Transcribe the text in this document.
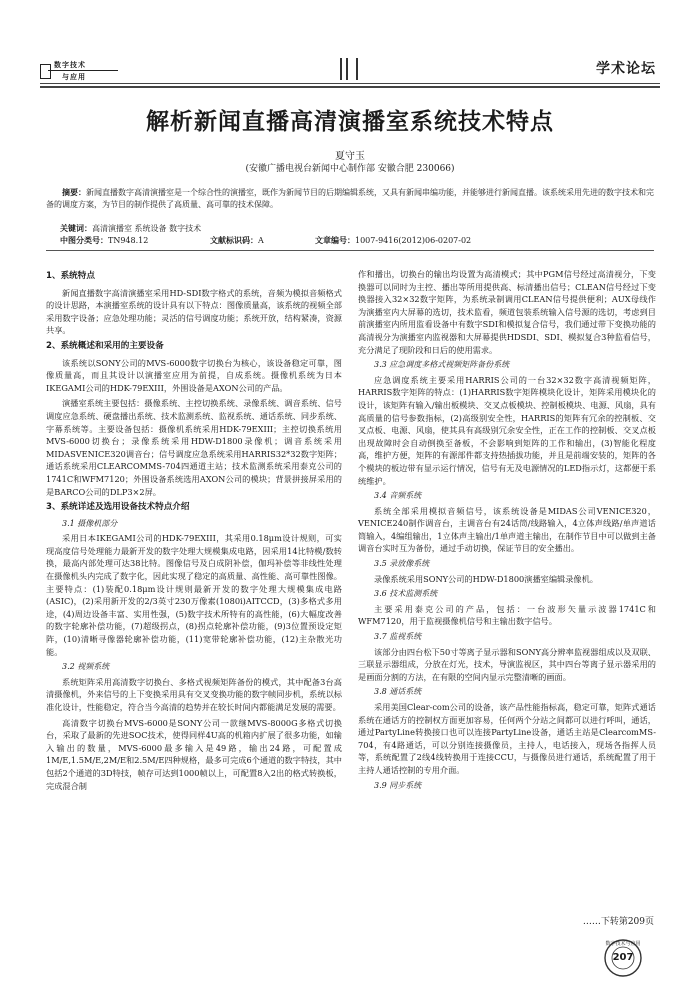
数字技术
与应用	学术论坛
解析新闻直播高清演播室系统技术特点
夏守玉
(安徽广播电视台新闻中心制作部 安徽合肥 230066)

摘要：新闻直播数字高清演播室是一个综合性的演播室，既作为新闻节目的后期编辑系统，又具有新闻串编功能，并能够进行新闻直播。该系统采用先进的数字技术和完备的调度方案，为节目的制作提供了高质量、高可靠的技术保障。

关键词：高清演播室 系统设备 数字技术
中图分类号：TN948.12	文献标识码：A	文章编号：1007-9416(2012)06-0207-02
1、系统特点

新闻直播数字高清演播室采用HD-SDI数字格式的系统，音频为模拟音频格式的设计思路，本演播室系统的设计具有以下特点：图像质量高，该系统的视频全部采用数字设备；应急处理功能；灵活的信号调度功能；系统开放，结构紧凑，资源共享。

2、系统概述和采用的主要设备

该系统以SONY公司的MVS-6000数字切换台为核心，该设备稳定可靠，图像质量高，而且其设计以演播室应用为前提，自成系统。摄像机系统为日本IKEGAMI公司的HDK-79EXIII，外围设备是AXON公司的产品。

演播室系统主要包括：摄像系统、主控切换系统、录像系统、调音系统、信号调度应急系统、硬盘播出系统、技术监测系统、监视系统、通话系统、同步系统、字幕系统等。主要设备包括：摄像机系统采用HDK-79EXIII；主控切换系统用MVS-6000切换台；录像系统采用HDW-D1800录像机；调音系统采用MIDASVENICE320调音台；信号调度应急系统采用HARRIS32*32数字矩阵；通话系统采用CLEARCOMMS-704四通道主站；技术监测系统采用泰克公司的1741C和WFM7120；外围设备系统选用AXON公司的模块；背景拼接屏采用的是BARCO公司的DLP3×2屏。

3、系统详述及选用设备技术特点介绍
3.1 摄像机部分

采用日本IKEGAMI公司的HDK-79EXIII，其采用0.18μm设计规则，可实现高度信号处理能力最新开发的数字处理大规模集成电路，因采用14比特模/数转换，最高内部处理可达38比特。图像信号及白成阴补偿，伽玛补偿等非线性处理在摄像机头内完成了数字化，因此实现了稳定的高质量、高性能、高可靠性图像。主要特点：(1)装配0.18μm设计规则最新开发的数字处理大规模集成电路(ASIC)，(2)采用新开发的2/3英寸230万像素(1080i)AITCCD，(3)多格式多用途，(4)周边设备丰富、实用性强，(5)数字技术所特有的高性能，(6)大幅度改善的数字轮廓补偿功能，(7)超级拐点，(8)拐点轮廓补偿功能，(9)3位置预设定矩阵，(10)清晰寻像器轮廓补偿功能，(11)宽带轮廓补偿功能，(12)主杂散光功能。

3.2 视频系统

系统矩阵采用高清数字切换台、多格式视频矩阵备份的模式，其中配备3台高清摄像机，外来信号的上下变换采用具有交叉变换功能的数字帧同步机，系统以标准化设计，性能稳定，符合当今高清的趋势并在较长时间内都能满足发展的需要。

高清数字切换台MVS-6000是SONY公司一款继MVS-8000G多格式切换台，采取了最新的先进SOC技术，使得同样4U高的机箱内扩展了很多功能，如输入输出的数量，MVS-6000最多输入是49路，输出24路，可配置成1M/E,1.5M/E,2M/E和2.5M/E四种规格，最多可完成6个通道的数字特技，其中包括2个通道的3D特技，帧存可达到1000帧以上，可配置8入2出的格式转换板，完成混合制

作和播出，切换台的输出均设置为高清模式；其中PGM信号经过高清视分，下变换器可以同时为主控、播出等所用提供高、标清播出信号；CLEAN信号经过下变换器接入32×32数字矩阵，为系统录制调用CLEAN信号提供便利；AUX母线作为演播室内大屏幕的选切，技术监看，频道包装系统输入信号源的选切，考虑到目前演播室内所用监看设备中有数字SDI和模拟复合信号，我们通过带下变换功能的高清视分为演播室内监视器和大屏幕提供HDSDI、SDI、模拟复合3种监看信号，充分满足了现阶段和日后的使用需求。

3.3 应急调度多格式视频矩阵备份系统

应急调度系统主要采用HARRIS公司的一台32×32数字高清视频矩阵，HARRIS数字矩阵的特点：(1)HARRIS数字矩阵模块化设计，矩阵采用模块化的设计，该矩阵有输入/输出板模块、交叉点板模块、控制板模块、电源、风扇，具有高质量的信号参数指标，(2)高级别安全性，HARRIS的矩阵有冗余的控制板、交叉点板、电源、风扇，使其具有高级别冗余安全性，正在工作的控制板、交叉点板出现故障时会自动倒换至备板，不会影响到矩阵的工作和输出，(3)智能化程度高，维护方便，矩阵的有源部件都支持热插拔功能，并且是前端安装的，矩阵的各个模块的板边带有显示运行情况，信号有无及电源情况的LED指示灯，这都便于系统维护。

3.4 音频系统

系统全部采用模拟音频信号，该系统设备是MIDAS公司VENICE320，VENICE240制作调音台，主调音台有24话筒/线路输入，4立体声线路/单声道话筒输入，4编组输出，1立体声主输出/1单声道主输出，在制作节目中可以做到主备调音台实时互为备份，通过手动切换，保证节目的安全播出。

3.5 录放像系统

录像系统采用SONY公司的HDW-D1800演播室编辑录像机。

3.6 技术监测系统

主要采用泰克公司的产品，包括：一台波形矢量示波器1741C和WFM7120，用于监视摄像机信号和主输出数字信号。

3.7 监视系统

该部分由四台松下50寸等离子显示器和SONY高分辨率监视器组成以及双联、三联显示器组成，分放在灯光，技术，导演监视区，其中四台等离子显示器采用的是画面分割的方法，在有限的空间内显示完整清晰的画面。

3.8 通话系统

采用美国Clear-com公司的设备，该产品性能指标高，稳定可靠，矩阵式通话系统在通话方的控制权方面更加容易，任何两个分站之间都可以进行呼叫，通话，通过PartyLine转换接口也可以连接PartyLine设备，通话主站是ClearcomMS-704，有4路通话，可以分别连接摄像员，主持人，电话接入，现场各指挥人员等，系统配置了2线4线转换用于连接CCU，与摄像员进行通话，系统配置了用于主持人通话控制的专用介面。

3.9 同步系统
……下转第209页
数字技术与应用
207
